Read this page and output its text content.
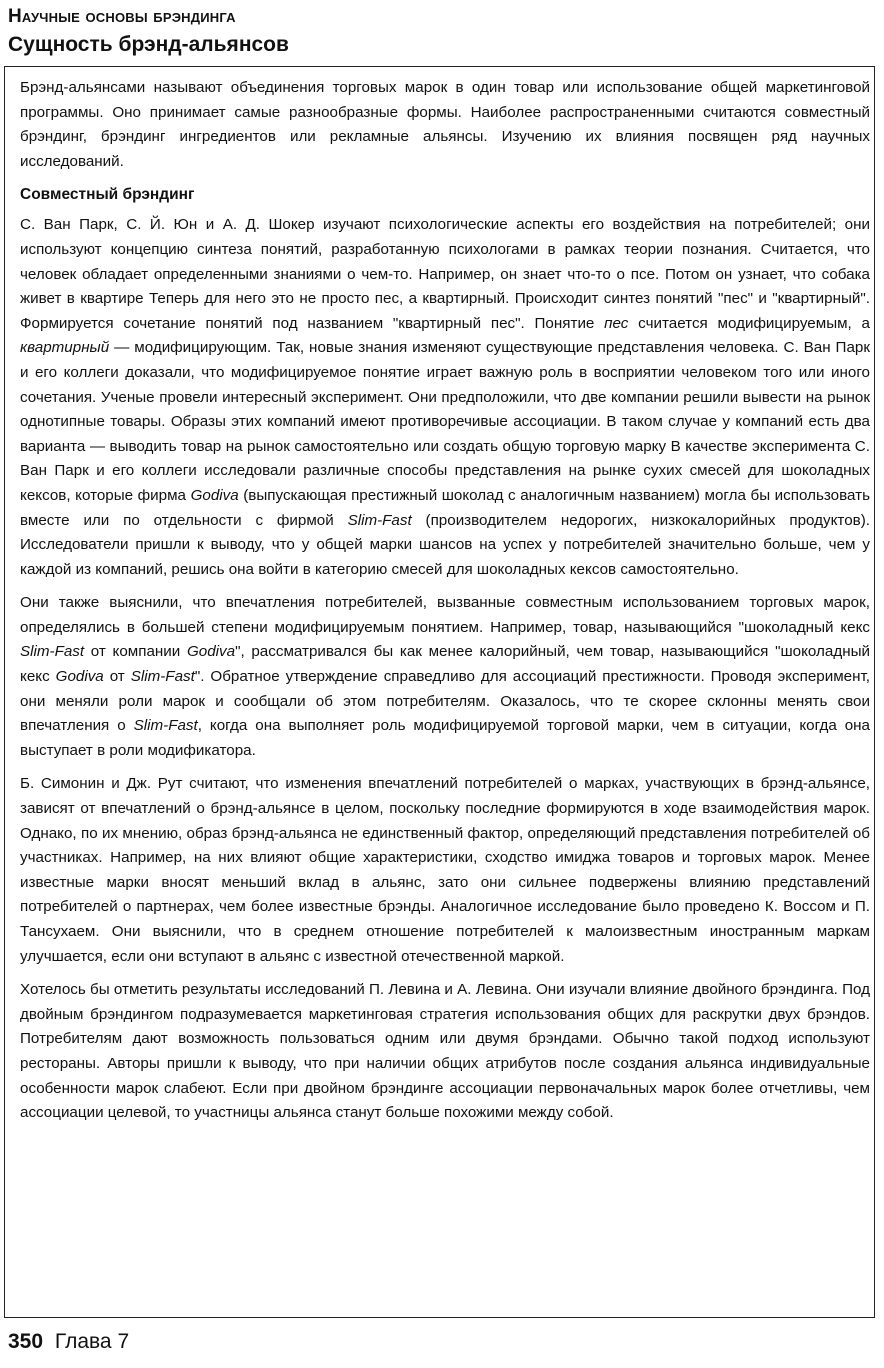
Научные основы брэндинга
Сущность брэнд-альянсов

Брэнд-альянсами называют объединения торговых марок в один товар или использование общей маркетинговой программы. Оно принимает самые разнообразные формы. Наиболее распространенными считаются совместный брэндинг, брэндинг ингредиентов или рекламные альянсы. Изучению их влияния посвящен ряд научных исследований.

Совместный брэндинг

С. Ван Парк, С. Й. Юн и А. Д. Шокер изучают психологические аспекты его воздействия на потребителей; они используют концепцию синтеза понятий, разработанную психологами в рамках теории познания. Считается, что человек обладает определенными знаниями о чем-то. Например, он знает что-то о псе. Потом он узнает, что собака живет в квартире Теперь для него это не просто пес, а квартирный. Происходит синтез понятий "пес" и "квартирный". Формируется сочетание понятий под названием "квартирный пес". Понятие пес считается модифицируемым, а квартирный — модифицирующим. Так, новые знания изменяют существующие представления человека. С. Ван Парк и его коллеги доказали, что модифицируемое понятие играет важную роль в восприятии человеком того или иного сочетания. Ученые провели интересный эксперимент. Они предположили, что две компании решили вывести на рынок однотипные товары. Образы этих компаний имеют противоречивые ассоциации. В таком случае у компаний есть два варианта — выводить товар на рынок самостоятельно или создать общую торговую марку В качестве эксперимента С. Ван Парк и его коллеги исследовали различные способы представления на рынке сухих смесей для шоколадных кексов, которые фирма Godiva (выпускающая престижный шоколад с аналогичным названием) могла бы использовать вместе или по отдельности с фирмой Slim-Fast (производителем недорогих, низкокалорийных продуктов). Исследователи пришли к выводу, что у общей марки шансов на успех у потребителей значительно больше, чем у каждой из компаний, решись она войти в категорию смесей для шоколадных кексов самостоятельно.

Они также выяснили, что впечатления потребителей, вызванные совместным использованием торговых марок, определялись в большей степени модифицируемым понятием. Например, товар, называющийся "шоколадный кекс Slim-Fast от компании Godiva", рассматривался бы как менее калорийный, чем товар, называющийся "шоколадный кекс Godiva от Slim-Fast". Обратное утверждение справедливо для ассоциаций престижности. Проводя эксперимент, они меняли роли марок и сообщали об этом потребителям. Оказалось, что те скорее склонны менять свои впечатления о Slim-Fast, когда она выполняет роль модифицируемой торговой марки, чем в ситуации, когда она выступает в роли модификатора.

Б. Симонин и Дж. Рут считают, что изменения впечатлений потребителей о марках, участвующих в брэнд-альянсе, зависят от впечатлений о брэнд-альянсе в целом, поскольку последние формируются в ходе взаимодействия марок. Однако, по их мнению, образ брэнд-альянса не единственный фактор, определяющий представления потребителей об участниках. Например, на них влияют общие характеристики, сходство имиджа товаров и торговых марок. Менее известные марки вносят меньший вклад в альянс, зато они сильнее подвержены влиянию представлений потребителей о партнерах, чем более известные брэнды. Аналогичное исследование было проведено К. Воссом и П. Тансухаем. Они выяснили, что в среднем отношение потребителей к малоизвестным иностранным маркам улучшается, если они вступают в альянс с известной отечественной маркой.

Хотелось бы отметить результаты исследований П. Левина и А. Левина. Они изучали влияние двойного брэндинга. Под двойным брэндингом подразумевается маркетинговая стратегия использования общих для раскрутки двух брэндов. Потребителям дают возможность пользоваться одним или двумя брэндами. Обычно такой подход используют рестораны. Авторы пришли к выводу, что при наличии общих атрибутов после создания альянса индивидуальные особенности марок слабеют. Если при двойном брэндинге ассоциации первоначальных марок более отчетливы, чем ассоциации целевой, то участницы альянса станут больше похожими между собой.

350 Глава 7
